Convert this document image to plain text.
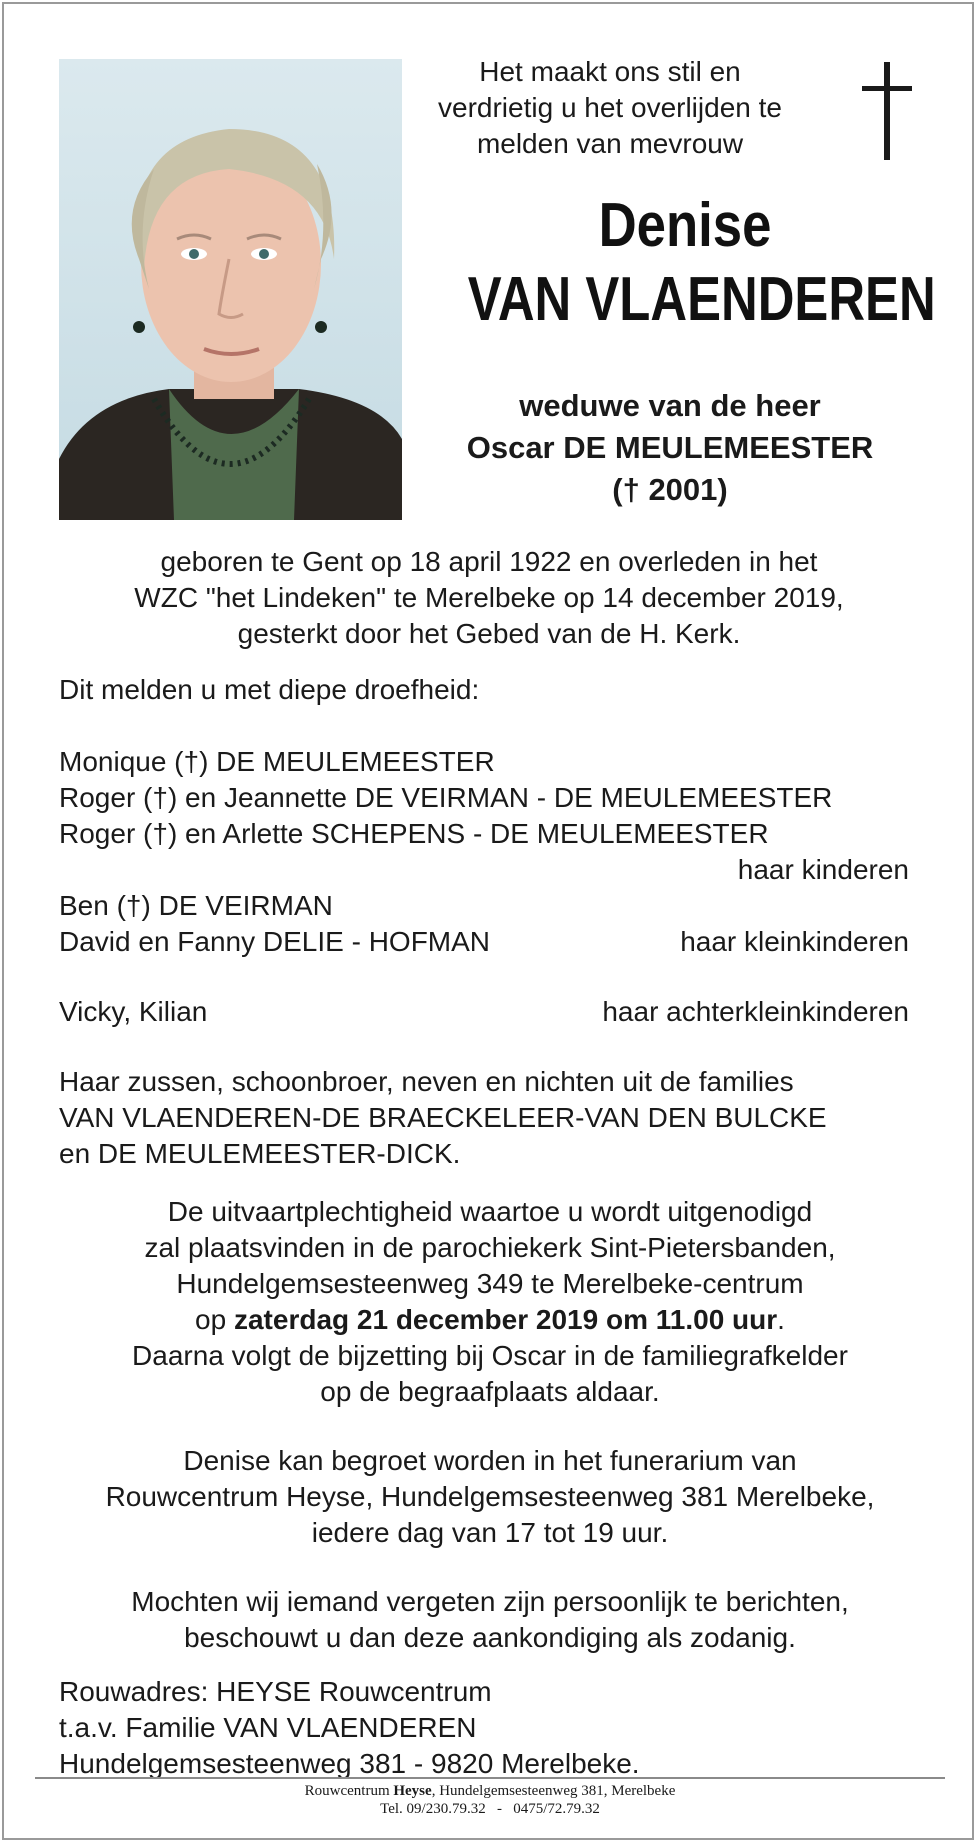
Het maakt ons stil en
verdrietig u het overlijden te
melden van mevrouw
Denise
VAN VLAENDEREN
weduwe van de heer
Oscar DE MEULEMEESTER
(† 2001)
geboren te Gent op 18 april 1922 en overleden in het
WZC "het Lindeken" te Merelbeke op 14 december 2019,
gesterkt door het Gebed van de H. Kerk.
Dit melden u met diepe droefheid:
Monique (†) DE MEULEMEESTER
Roger (†) en Jeannette DE VEIRMAN - DE MEULEMEESTER
Roger (†) en Arlette SCHEPENS - DE MEULEMEESTER
haar kinderen
Ben (†) DE VEIRMAN
David en Fanny DELIE - HOFMAN	haar kleinkinderen
Vicky, Kilian	haar achterkleinkinderen
Haar zussen, schoonbroer, neven en nichten uit de families
VAN VLAENDEREN-DE BRAECKELEER-VAN DEN BULCKE
en DE MEULEMEESTER-DICK.
De uitvaartplechtigheid waartoe u wordt uitgenodigd
zal plaatsvinden in de parochiekerk Sint-Pietersbanden,
Hundelgemsesteenweg 349 te Merelbeke-centrum
op zaterdag 21 december 2019 om 11.00 uur.
Daarna volgt de bijzetting bij Oscar in de familiegrafkelder
op de begraafplaats aldaar.
Denise kan begroet worden in het funerarium van
Rouwcentrum Heyse, Hundelgemsesteenweg 381 Merelbeke,
iedere dag van 17 tot 19 uur.
Mochten wij iemand vergeten zijn persoonlijk te berichten,
beschouwt u dan deze aankondiging als zodanig.
Rouwadres: HEYSE Rouwcentrum
t.a.v. Familie VAN VLAENDEREN
Hundelgemsesteenweg 381 - 9820 Merelbeke.
Rouwcentrum Heyse, Hundelgemsesteenweg 381, Merelbeke
Tel. 09/230.79.32   -   0475/72.79.32
